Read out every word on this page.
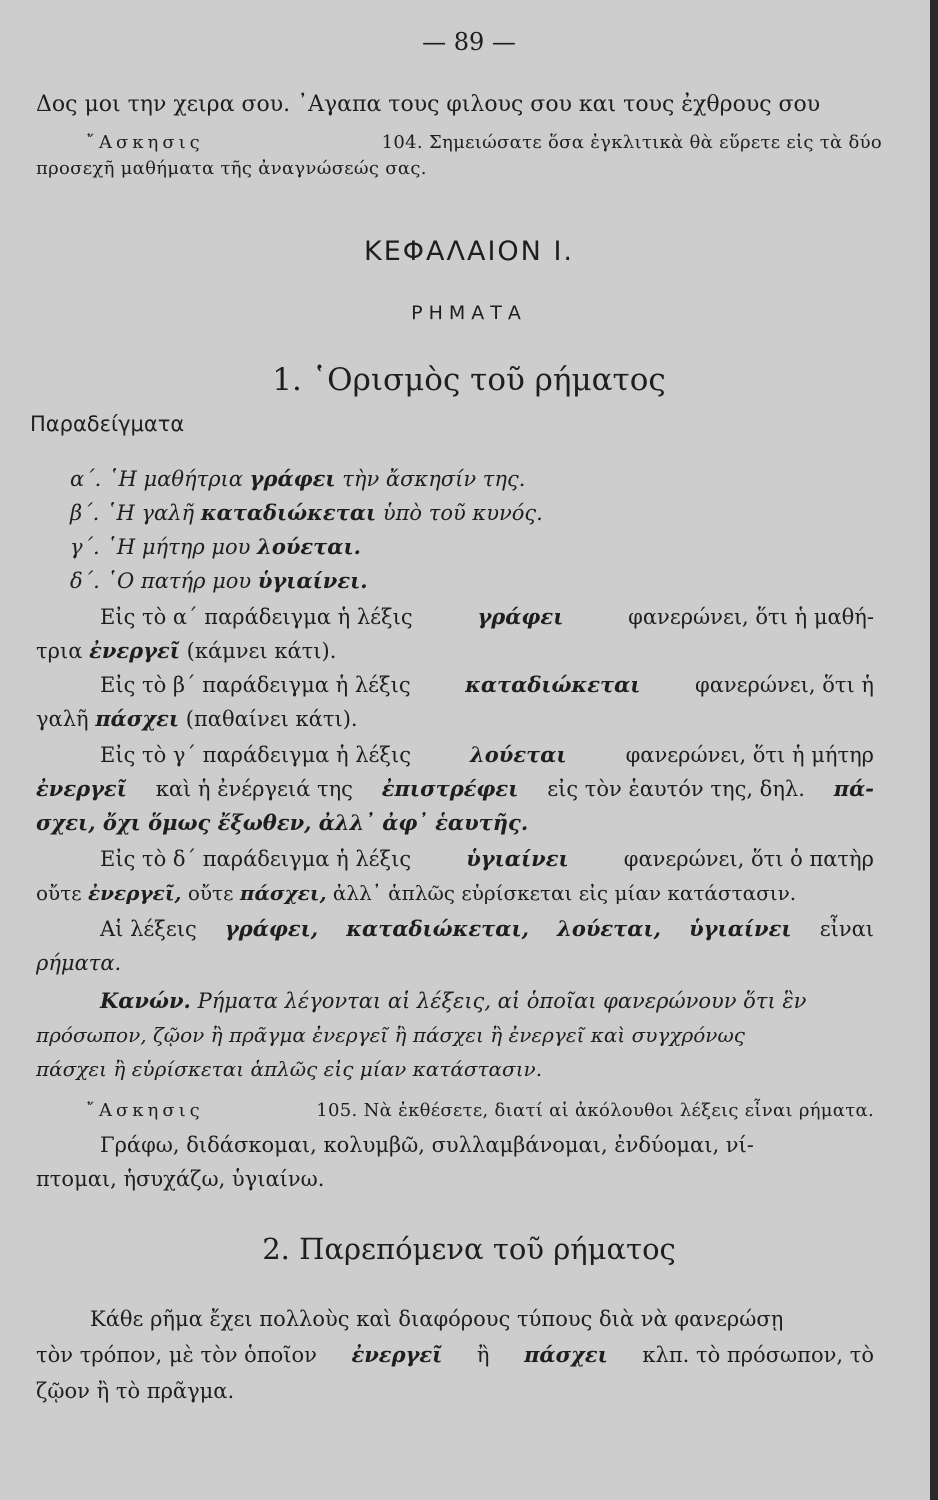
— 89 —
Δος μοι την χειρα σου. ᾿Αγαπα τους φιλους σου και τους ἐχθρους σου
῎Ασκησις	104. Σημειώσατε ὅσα ἐγκλιτικὰ θὰ εὕρετε εἰς τὰ δύο
προσεχῆ μαθήματα τῆς ἀναγνώσεώς σας.
ΚΕΦΑΛΑΙΟΝ Ι.
ΡΗΜΑΤΑ
1. ῾Ορισμὸς τοῦ ρήματος
Παραδείγματα
α΄. ῾Η μαθήτρια γράφει τὴν ἄσκησίν της.
β΄. ῾Η γαλῆ καταδιώκεται ὑπὸ τοῦ κυνός.
γ΄. ῾Η μήτηρ μου λούεται.
δ΄. ῾Ο πατήρ μου ὑγιαίνει.
Εἰς τὸ α΄ παράδειγμα ἡ λέξις	γράφει	φανερώνει, ὅτι ἡ μαθή-
τρια ἐνεργεῖ (κάμνει κάτι).
Εἰς τὸ β΄ παράδειγμα ἡ λέξις	καταδιώκεται	φανερώνει, ὅτι ἡ
γαλῆ πάσχει (παθαίνει κάτι).
Εἰς τὸ γ΄ παράδειγμα ἡ λέξις	λούεται	φανερώνει, ὅτι ἡ μήτηρ
ἐνεργεῖ καὶ ἡ ἐνέργειά της ἐπιστρέφει εἰς τὸν ἑαυτόν της, δηλ. πά-
σχει, ὄχι ὅμως ἔξωθεν, ἀλλ᾿ ἀφ᾿ ἑαυτῆς.
Εἰς τὸ δ΄ παράδειγμα ἡ λέξις	ὑγιαίνει	φανερώνει, ὅτι ὁ πατὴρ
οὔτε ἐνεργεῖ, οὔτε πάσχει, ἀλλ᾿ ἁπλῶς εὑρίσκεται εἰς μίαν κατάστασιν.
Αἱ λέξεις γράφει, καταδιώκεται, λούεται, ὑγιαίνει εἶναι
ρήματα.
Κανών. Ρήματα λέγονται αἱ λέξεις, αἱ ὁποῖαι φανερώνουν ὅτι ἓν
πρόσωπον, ζῷον ἢ πρᾶγμα ἐνεργεῖ ἢ πάσχει ἢ ἐνεργεῖ καὶ συγχρόνως
πάσχει ἢ εὑρίσκεται ἁπλῶς εἰς μίαν κατάστασιν.
῎Ασκησις	105. Νὰ ἐκθέσετε, διατί αἱ ἀκόλουθοι λέξεις εἶναι ρήματα.
Γράφω, διδάσκομαι, κολυμβῶ, συλλαμβάνομαι, ἐνδύομαι, νί-
πτομαι, ἡσυχάζω, ὑγιαίνω.
2. Παρεπόμενα τοῦ ρήματος
Κάθε ρῆμα ἔχει πολλοὺς καὶ διαφόρους τύπους διὰ νὰ φανερώσῃ
τὸν τρόπον, μὲ τὸν ὁποῖον ἐνεργεῖ ἢ πάσχει κλπ. τὸ πρόσωπον, τὸ
ζῷον ἢ τὸ πρᾶγμα.
